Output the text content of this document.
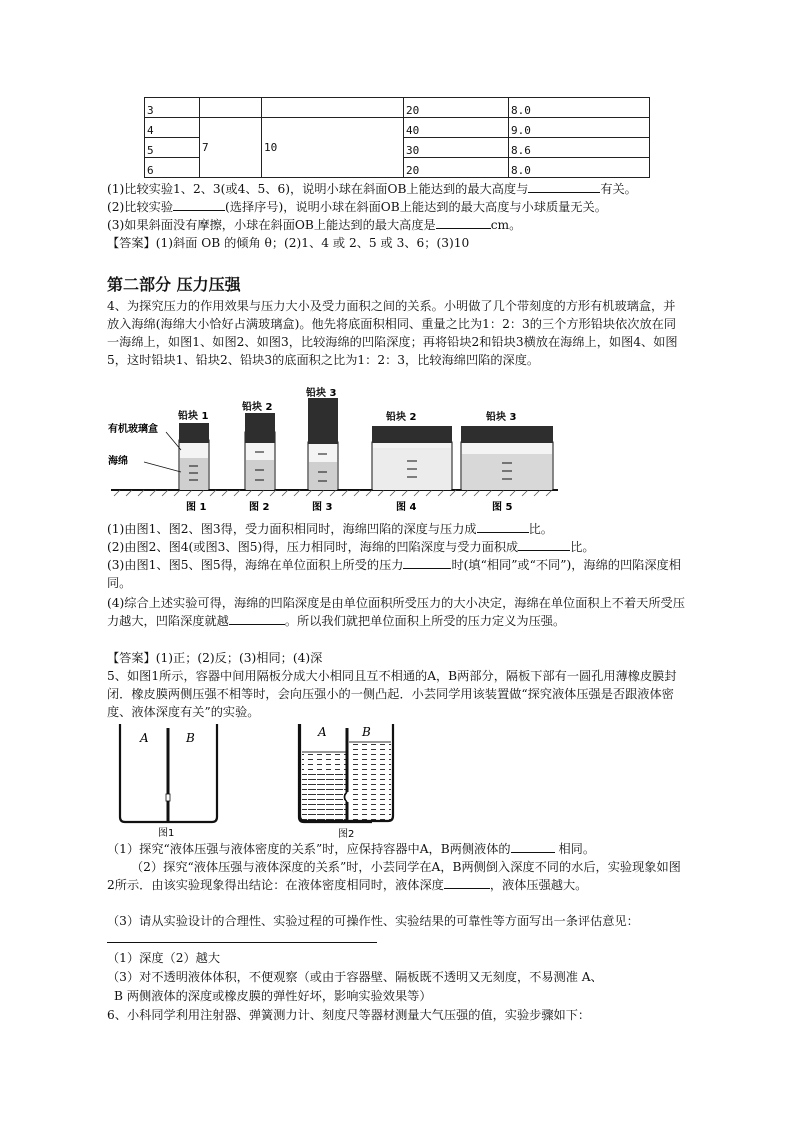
3			20	8.0
4	7	10	40	9.0
5			30	8.6
6			20	8.0
(1)比较实验1、2、3(或4、5、6)，说明小球在斜面OB上能达到的最大高度与	有关。
(2)比较实验	(选择序号)，说明小球在斜面OB上能达到的最大高度与小球质量无关。
(3)如果斜面没有摩擦，小球在斜面OB上能达到的最大高度是	cm。
【答案】(1)斜面 OB 的倾角 θ；(2)1、4 或 2、5 或 3、6；(3)10
第二部分 压力压强
4、为探究压力的作用效果与压力大小及受力面积之间的关系。小明做了几个带刻度的方形有机玻璃盒，并放入海绵(海绵大小恰好占满玻璃盒)。他先将底面积相同、重量之比为1：2：3的三个方形铅块依次放在同一海绵上，如图1、如图2、如图3，比较海绵的凹陷深度；再将铅块2和铅块3横放在海绵上，如图4、如图5，这时铅块1、铅块2、铅块3的底面积之比为1：2：3，比较海绵凹陷的深度。
铅块 1
铅块 2
铅块 3
铅块 2	铅块 3
有机玻璃盒
海绵
图 1	图 2	图 3	图 4	图 5
(1)由图1、图2、图3得，受力面积相同时，海绵凹陷的深度与压力成	比。
(2)由图2、图4(或图3、图5)得，压力相同时，海绵的凹陷深度与受力面积成	比。
(3)由图1、图5、图5得，海绵在单位面积上所受的压力	时(填“相同”或“不同”)，海绵的凹陷深度相同。
(4)综合上述实验可得，海绵的凹陷深度是由单位面积所受压力的大小决定，海绵在单位面积上不着天所受压力越大，凹陷深度就越	。所以我们就把单位面积上所受的压力定义为压强。
【答案】(1)正；(2)反；(3)相同；(4)深
5、如图1所示，容器中间用隔板分成大小相同且互不相通的A，B两部分，隔板下部有一圆孔用薄橡皮膜封闭．橡皮膜两侧压强不相等时，会向压强小的一侧凸起．小芸同学用该装置做“探究液体压强是否跟液体密度、液体深度有关”的实验。
A	B
图1
A	B
图2
（1）探究“液体压强与液体密度的关系”时，应保持容器中A，B两侧液体的	相同。
（2）探究“液体压强与液体深度的关系”时，小芸同学在A，B两侧倒入深度不同的水后，实验现象如图2所示．由该实验现象得出结论：在液体密度相同时，液体深度	，液体压强越大。
（3）请从实验设计的合理性、实验过程的可操作性、实验结果的可靠性等方面写出一条评估意见：
（1）深度（2）越大
（3）对不透明液体体积，不便观察（或由于容器壁、隔板既不透明又无刻度，不易测准 A、
B 两侧液体的深度或橡皮膜的弹性好坏，影响实验效果等）
6、小科同学利用注射器、弹簧测力计、刻度尺等器材测量大气压强的值，实验步骤如下：
